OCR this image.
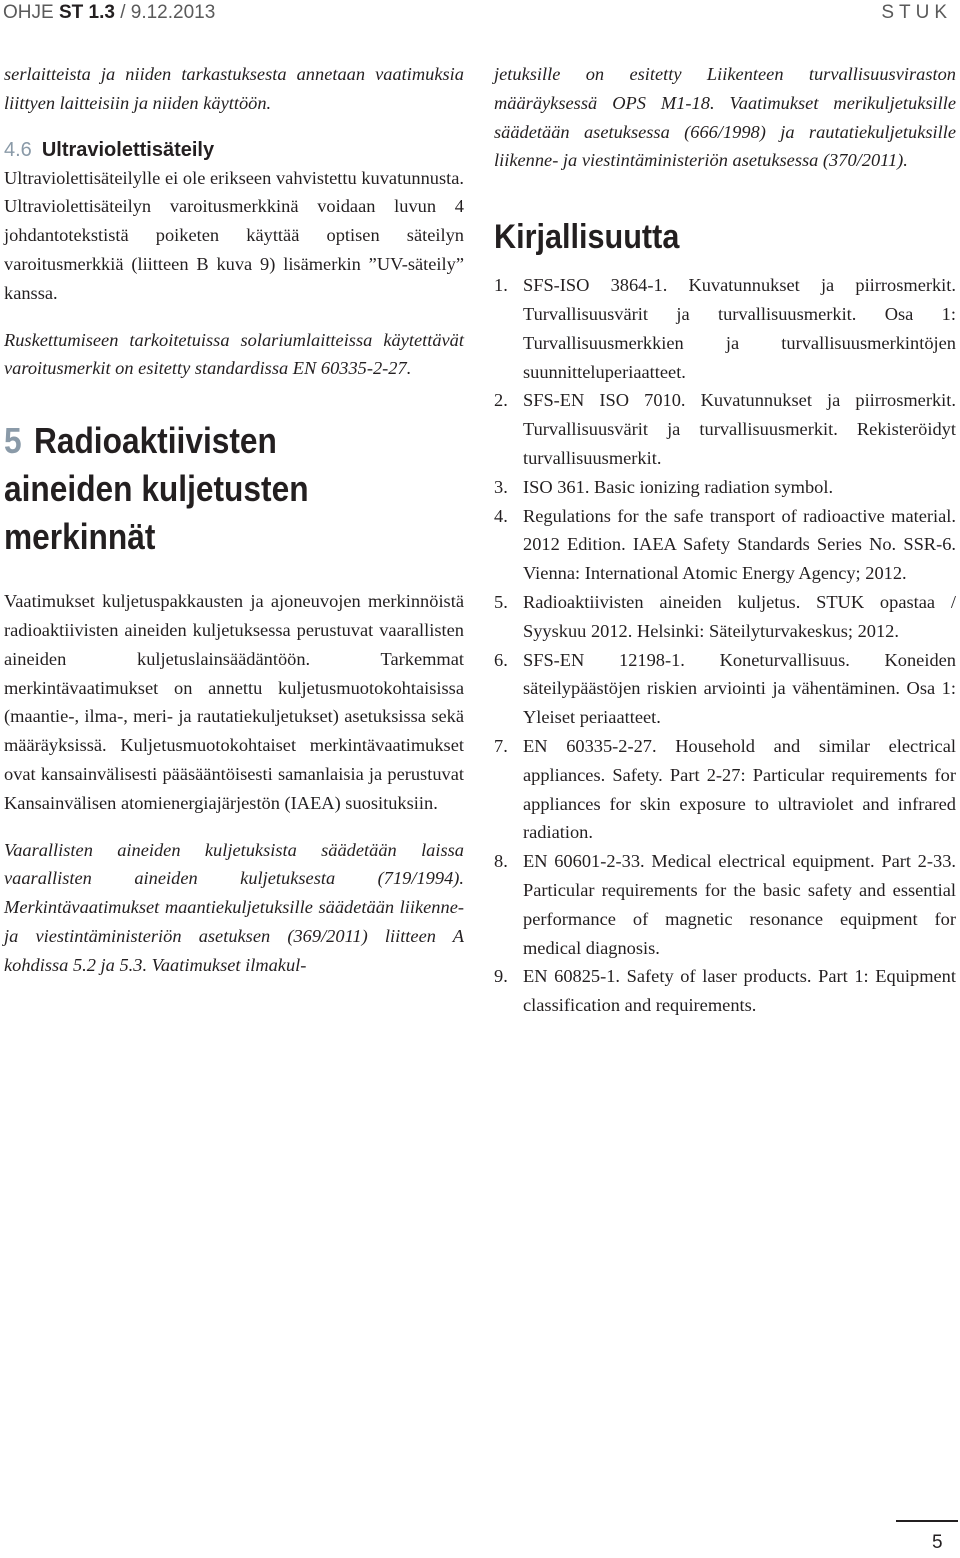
OHJE ST 1.3 / 9.12.2013	STUK

serlaitteista ja niiden tarkastuksesta annetaan vaatimuksia liittyen laitteisiin ja niiden käyttöön.

4.6 Ultraviolettisäteily

Ultraviolettisäteilylle ei ole erikseen vahvistettu kuvatunnusta. Ultraviolettisäteilyn varoitusmerkkinä voidaan luvun 4 johdantotekstistä poiketen käyttää optisen säteilyn varoitusmerkkiä (liitteen B kuva 9) lisämerkin ”UV-säteily” kanssa.

Ruskettumiseen tarkoitetuissa solariumlaitteissa käytettävät varoitusmerkit on esitetty standardissa EN 60335-2-27.

5 Radioaktiivisten
aineiden kuljetusten
merkinnät

Vaatimukset kuljetuspakkausten ja ajoneuvojen merkinnöistä radioaktiivisten aineiden kuljetuksessa perustuvat vaarallisten aineiden kuljetuslainsäädäntöön. Tarkemmat merkintävaatimukset on annettu kuljetusmuotokohtaisissa (maantie-, ilma-, meri- ja rautatiekuljetukset) asetuksissa sekä määräyksissä. Kuljetusmuotokohtaiset merkintävaatimukset ovat kansainvälisesti pääsääntöisesti samanlaisia ja perustuvat Kansainvälisen atomienergiajärjestön (IAEA) suosituksiin.

Vaarallisten aineiden kuljetuksista säädetään laissa vaarallisten aineiden kuljetuksesta (719/1994). Merkintävaatimukset maantiekuljetuksille säädetään liikenne- ja viestintäministeriön asetuksen (369/2011) liitteen A kohdissa 5.2 ja 5.3. Vaatimukset ilmakul-

jetuksille on esitetty Liikenteen turvallisuusviraston määräyksessä OPS M1-18. Vaatimukset merikuljetuksille säädetään asetuksessa (666/1998) ja rautatiekuljetuksille liikenne- ja viestintäministeriön asetuksessa (370/2011).

Kirjallisuutta
1. SFS-ISO 3864-1. Kuvatunnukset ja piirrosmerkit. Turvallisuusvärit ja turvallisuusmerkit. Osa 1: Turvallisuusmerkkien ja turvallisuusmerkintöjen suunnitteluperiaatteet.
2. SFS-EN ISO 7010. Kuvatunnukset ja piirrosmerkit. Turvallisuusvärit ja turvallisuusmerkit. Rekisteröidyt turvallisuusmerkit.
3. ISO 361. Basic ionizing radiation symbol.
4. Regulations for the safe transport of radioactive material. 2012 Edition. IAEA Safety Standards Series No. SSR-6. Vienna: International Atomic Energy Agency; 2012.
5. Radioaktiivisten aineiden kuljetus. STUK opastaa / Syyskuu 2012. Helsinki: Säteilyturvakeskus; 2012.
6. SFS-EN 12198-1. Koneturvallisuus. Koneiden säteilypäästöjen riskien arviointi ja vähentäminen. Osa 1: Yleiset periaatteet.
7. EN 60335-2-27. Household and similar electrical appliances. Safety. Part 2-27: Particular requirements for appliances for skin exposure to ultraviolet and infrared radiation.
8. EN 60601-2-33. Medical electrical equipment. Part 2-33. Particular requirements for the basic safety and essential performance of magnetic resonance equipment for medical diagnosis.
9. EN 60825-1. Safety of laser products. Part 1: Equipment classification and requirements.
5
